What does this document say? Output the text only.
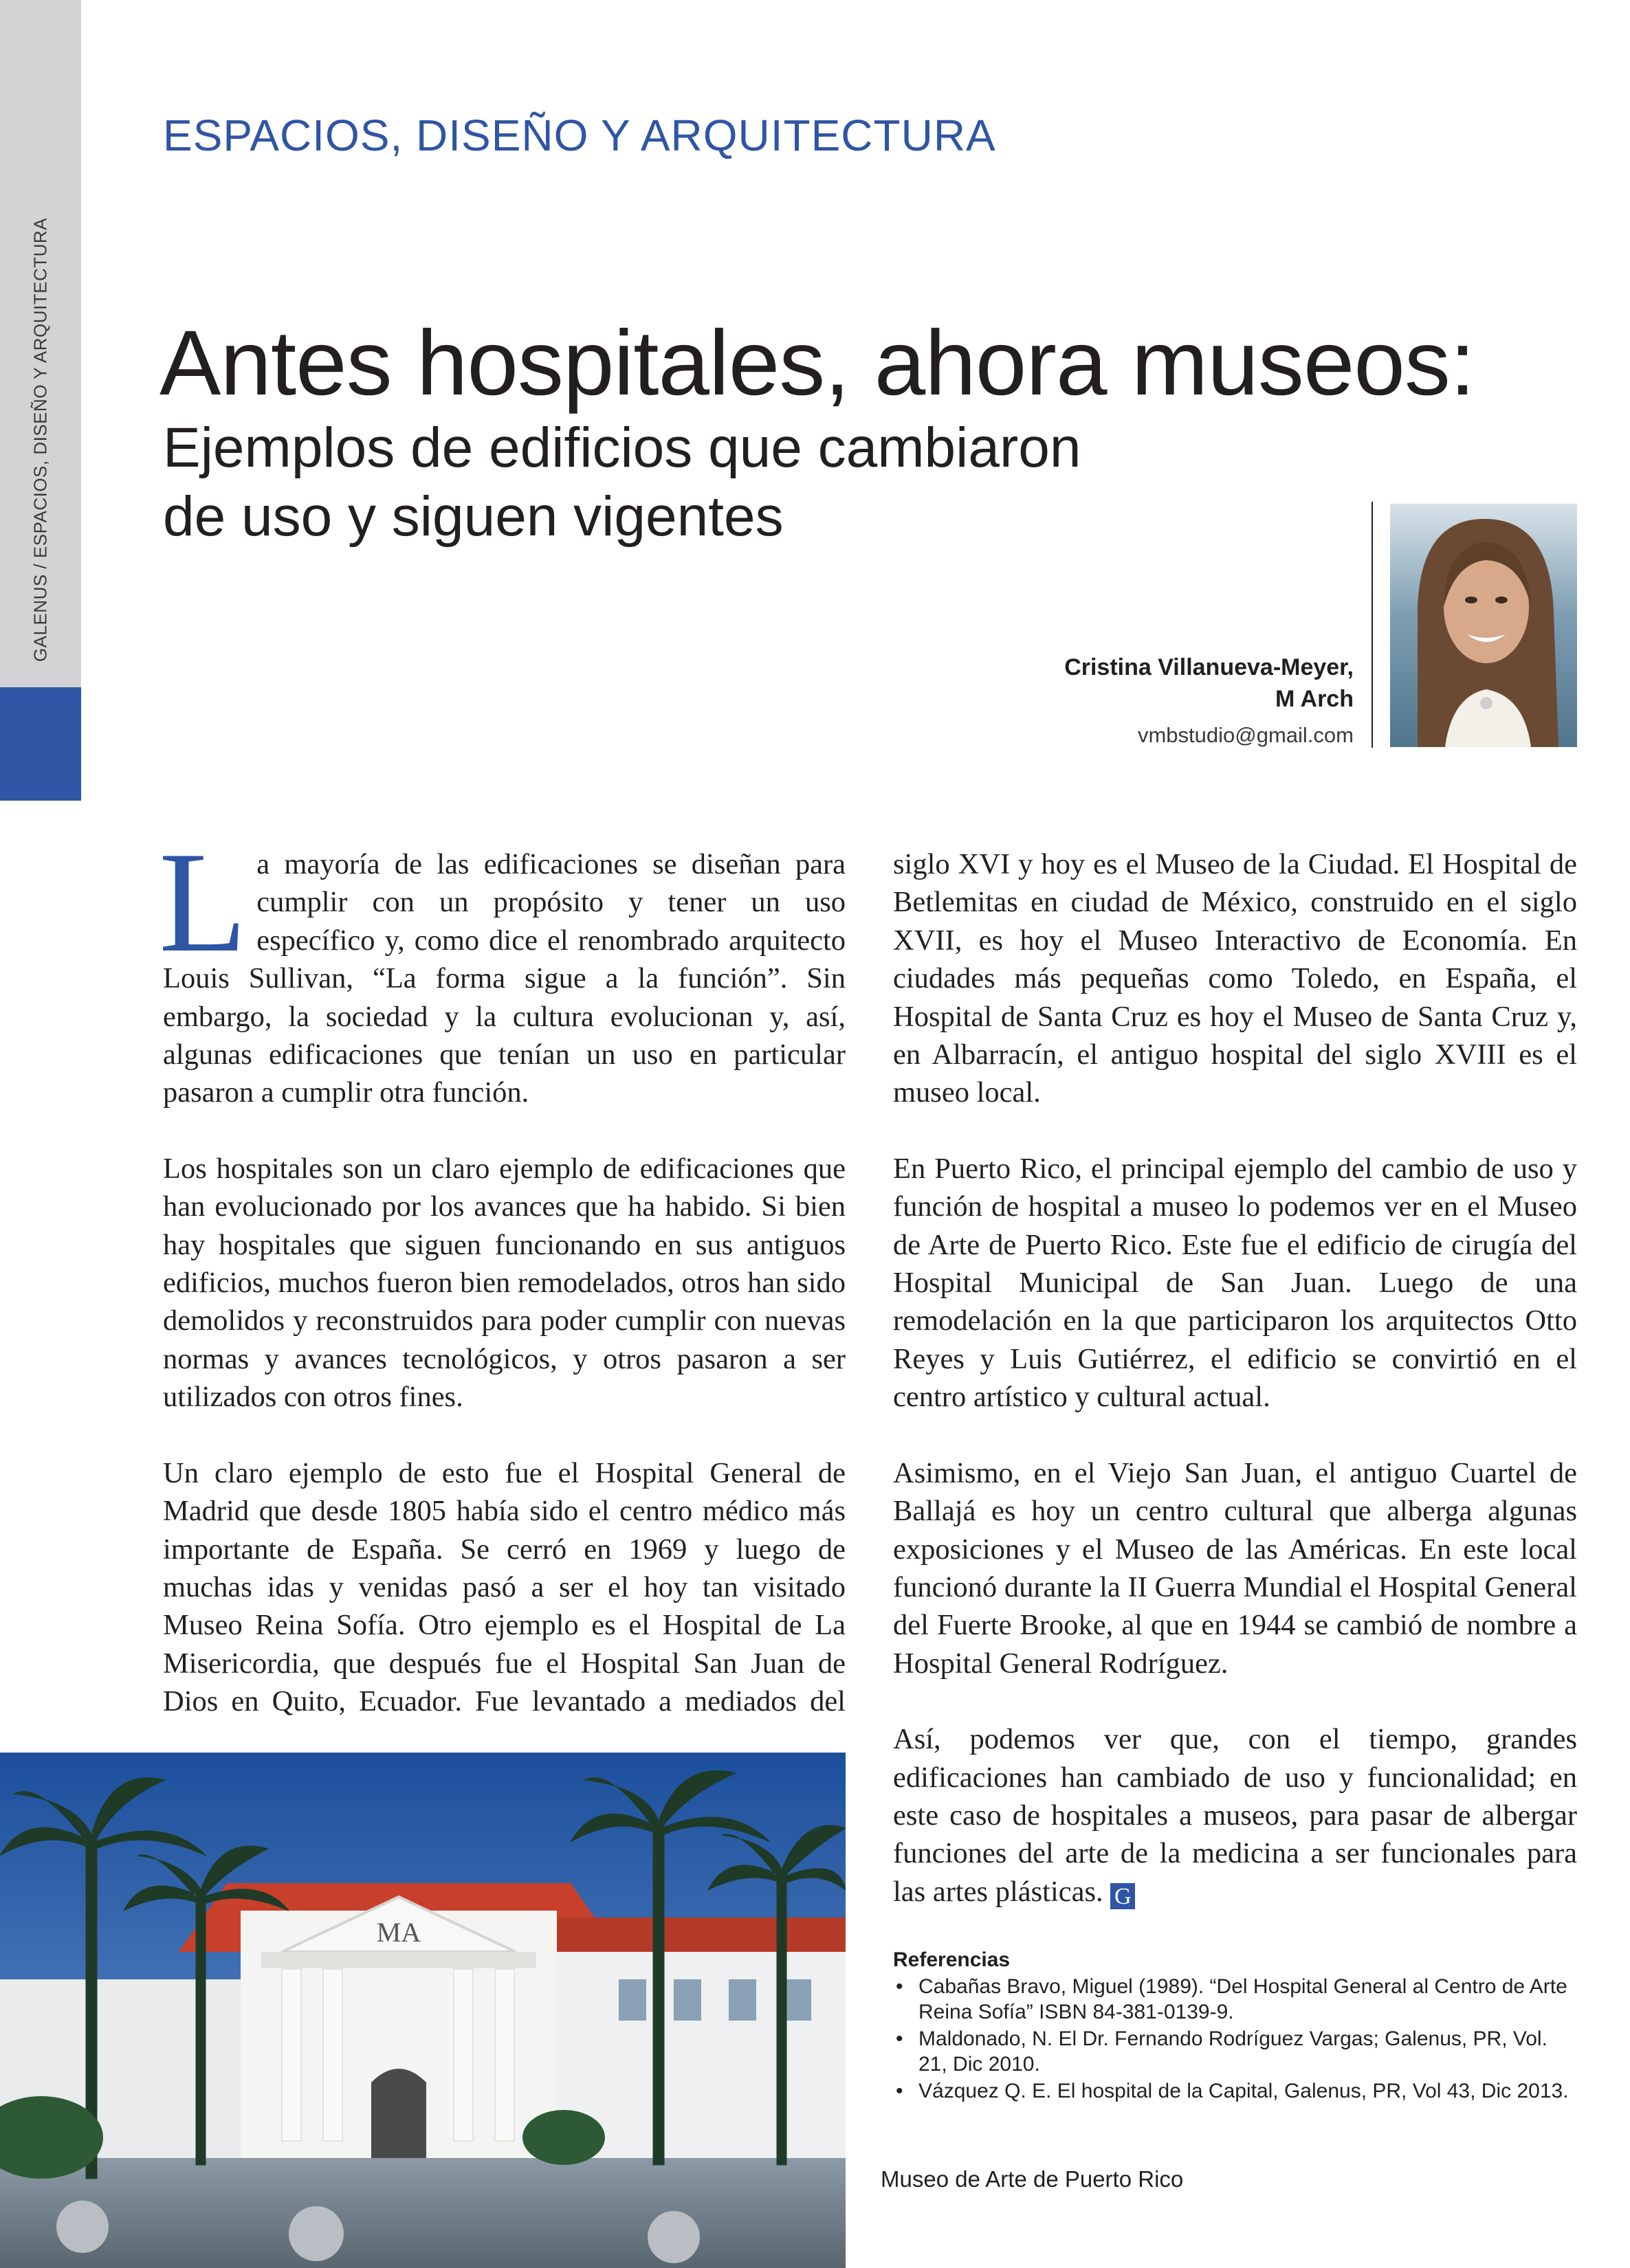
GALENUS / ESPACIOS, DISEÑO Y ARQUITECTURA
116
ESPACIOS, DISEÑO Y ARQUITECTURA
Antes hospitales, ahora museos:
Ejemplos de edificios que cambiaron
de uso y siguen vigentes
Cristina Villanueva-Meyer,
M Arch
vmbstudio@gmail.com

La mayoría de las edificaciones se diseñan para cumplir con un propósito y tener un uso específico y, como dice el renombrado arquitecto Louis Sullivan, “La forma sigue a la función”. Sin embargo, la sociedad y la cultura evolucionan y, así, algunas edificaciones que tenían un uso en particular pasaron a cumplir otra función.

Los hospitales son un claro ejemplo de edificaciones que han evolucionado por los avances que ha habido. Si bien hay hospitales que siguen funcionando en sus antiguos edificios, muchos fueron bien remodelados, otros han sido demolidos y reconstruidos para poder cumplir con nuevas normas y avances tecnológicos, y otros pasaron a ser utilizados con otros fines.

Un claro ejemplo de esto fue el Hospital General de Madrid que desde 1805 había sido el centro médico más importante de España. Se cerró en 1969 y luego de muchas idas y venidas pasó a ser el hoy tan visitado Museo Reina Sofía. Otro ejemplo es el Hospital de La Misericordia, que después fue el Hospital San Juan de Dios en Quito, Ecuador. Fue levantado a mediados del

siglo XVI y hoy es el Museo de la Ciudad. El Hospital de Betlemitas en ciudad de México, construido en el siglo XVII, es hoy el Museo Interactivo de Economía. En ciudades más pequeñas como Toledo, en España, el Hospital de Santa Cruz es hoy el Museo de Santa Cruz y, en Albarracín, el antiguo hospital del siglo XVIII es el museo local.

En Puerto Rico, el principal ejemplo del cambio de uso y función de hospital a museo lo podemos ver en el Museo de Arte de Puerto Rico. Este fue el edificio de cirugía del Hospital Municipal de San Juan. Luego de una remodelación en la que participaron los arquitectos Otto Reyes y Luis Gutiérrez, el edificio se convirtió en el centro artístico y cultural actual.

Asimismo, en el Viejo San Juan, el antiguo Cuartel de Ballajá es hoy un centro cultural que alberga algunas exposiciones y el Museo de las Américas. En este local funcionó durante la II Guerra Mundial el Hospital General del Fuerte Brooke, al que en 1944 se cambió de nombre a Hospital General Rodríguez.

Así, podemos ver que, con el tiempo, grandes edificaciones han cambiado de uso y funcionalidad; en este caso de hospitales a museos, para pasar de albergar funciones del arte de la medicina a ser funcionales para las artes plásticas. G

Referencias
• Cabañas Bravo, Miguel (1989). “Del Hospital General al Centro de Arte Reina Sofía” ISBN 84-381-0139-9.
• Maldonado, N. El Dr. Fernando Rodríguez Vargas; Galenus, PR, Vol. 21, Dic 2010.
• Vázquez Q. E. El hospital de la Capital, Galenus, PR, Vol 43, Dic 2013.
MA
Museo de Arte de Puerto Rico
